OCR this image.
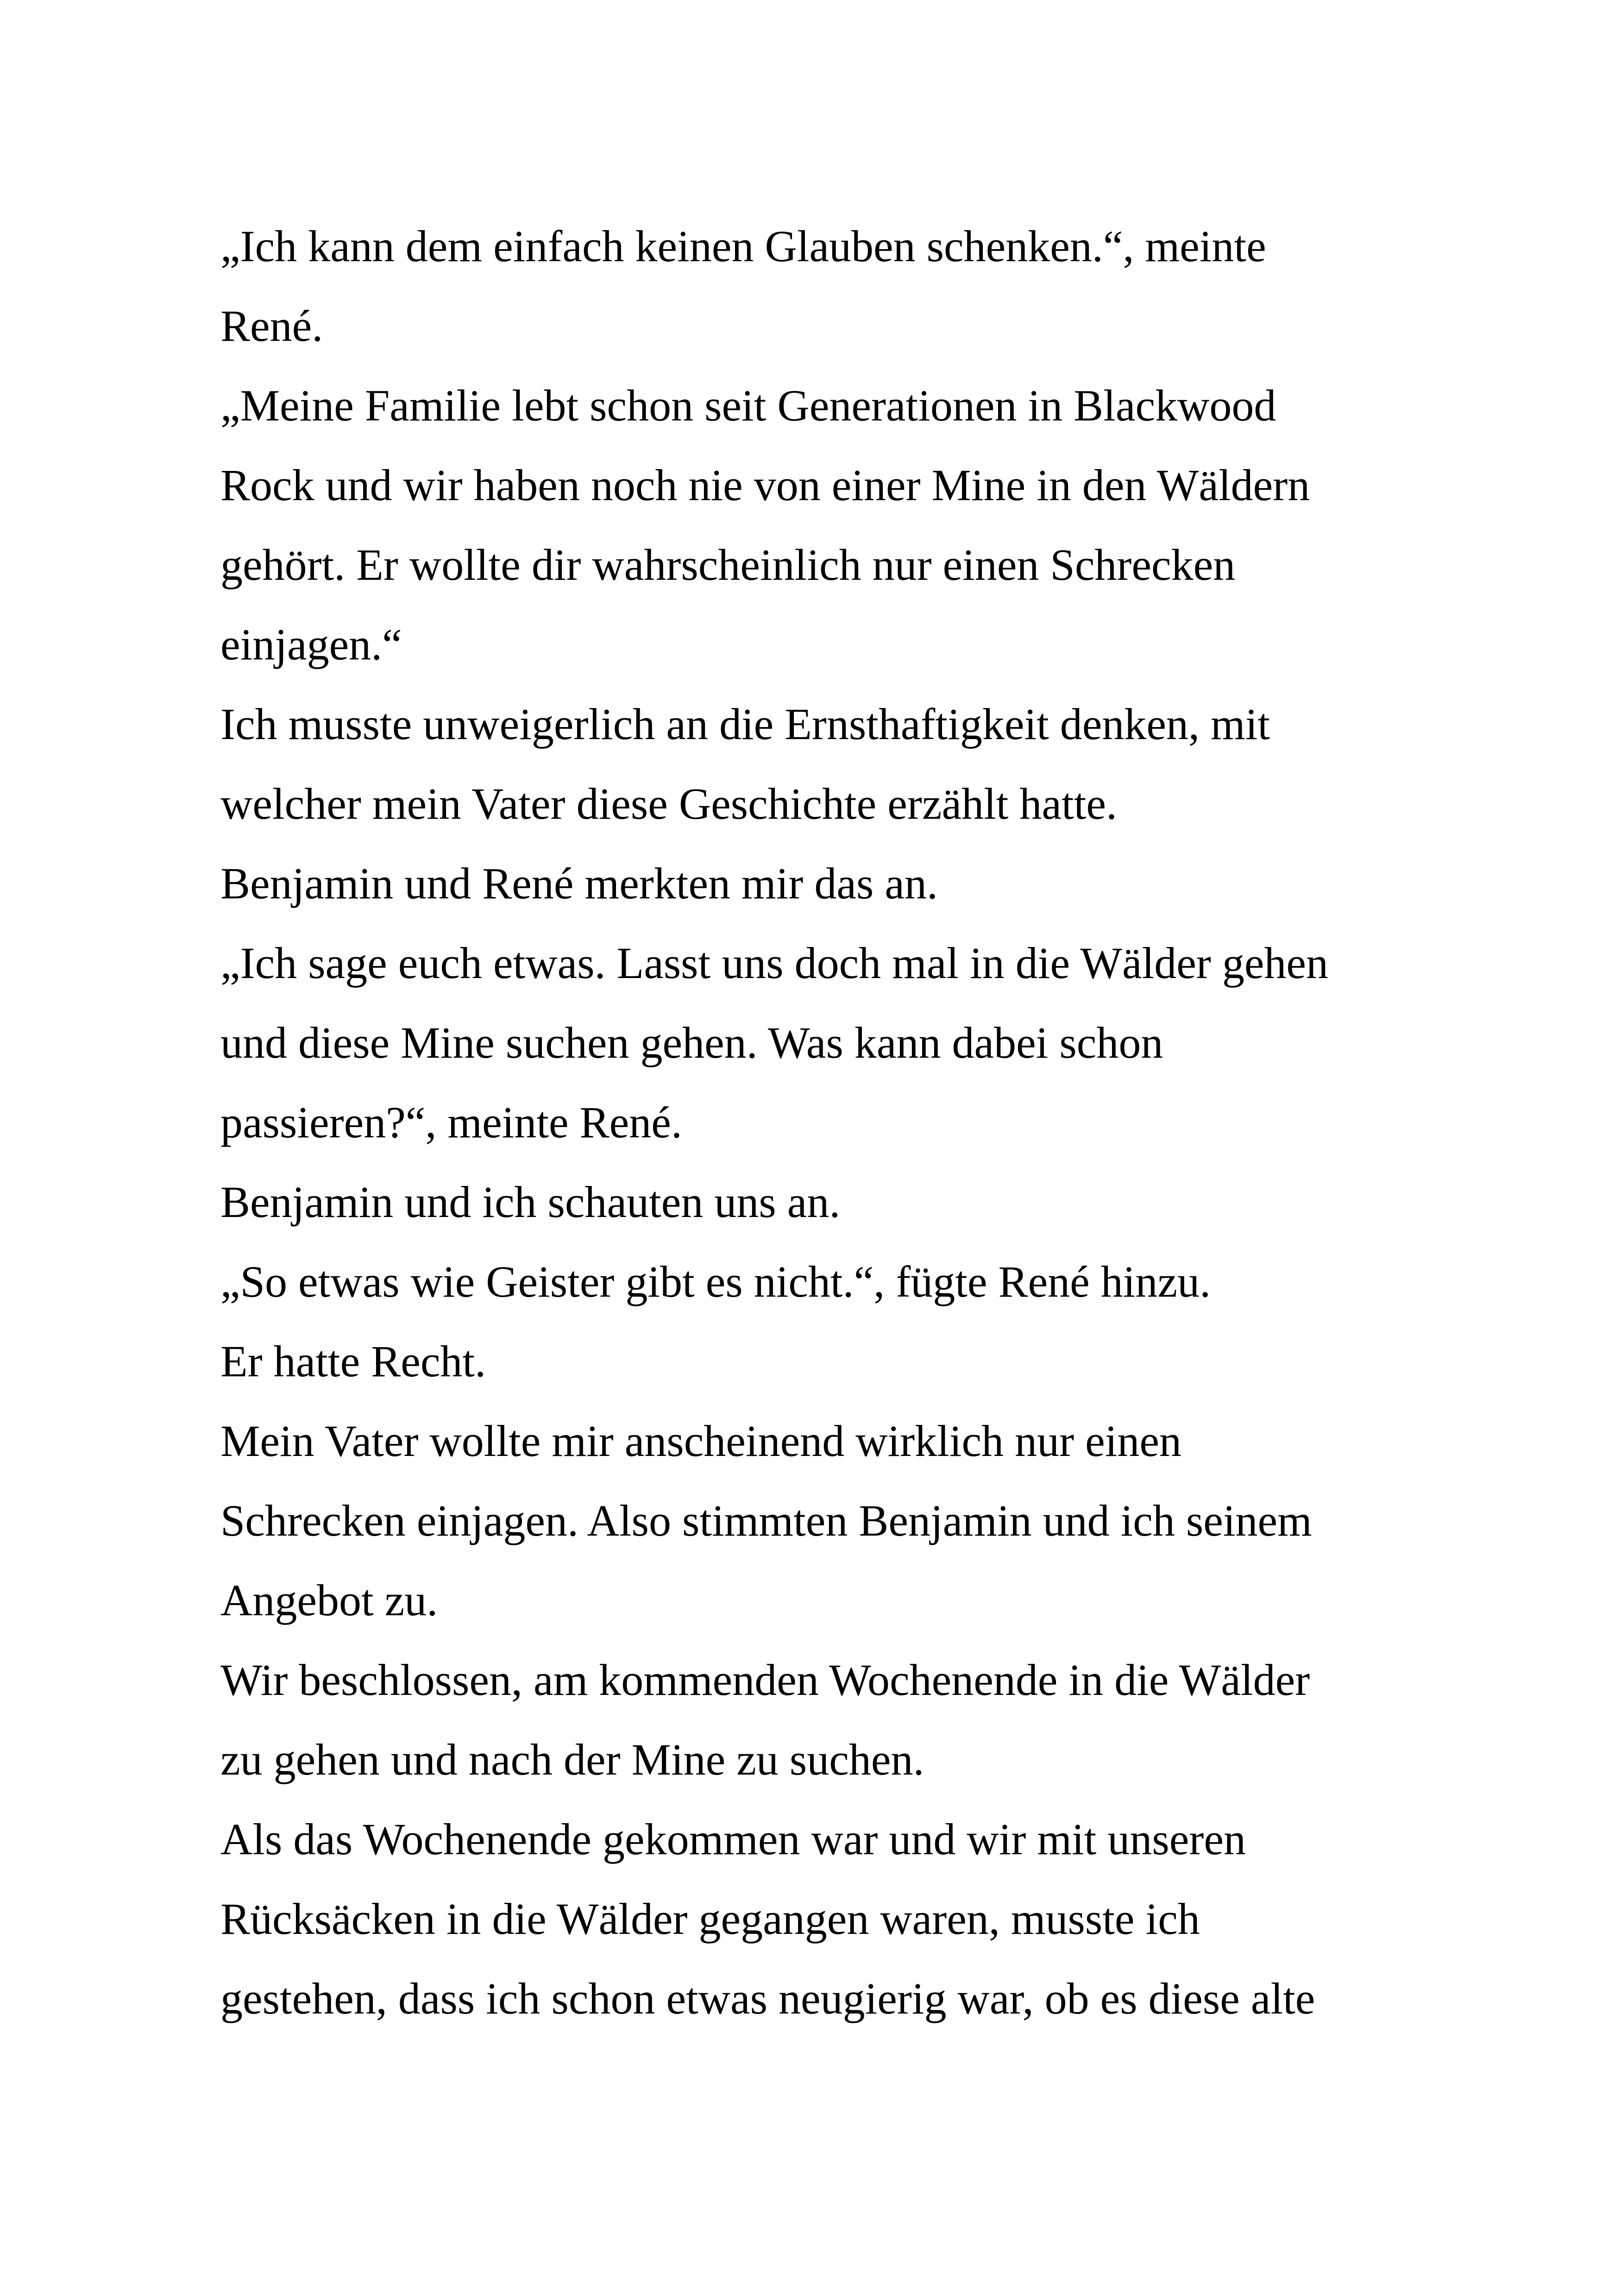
„Ich kann dem einfach keinen Glauben schenken.“, meinte
René.
„Meine Familie lebt schon seit Generationen in Blackwood
Rock und wir haben noch nie von einer Mine in den Wäldern
gehört. Er wollte dir wahrscheinlich nur einen Schrecken
einjagen.“
Ich musste unweigerlich an die Ernsthaftigkeit denken, mit
welcher mein Vater diese Geschichte erzählt hatte.
Benjamin und René merkten mir das an.
„Ich sage euch etwas. Lasst uns doch mal in die Wälder gehen
und diese Mine suchen gehen. Was kann dabei schon
passieren?“, meinte René.
Benjamin und ich schauten uns an.
„So etwas wie Geister gibt es nicht.“, fügte René hinzu.
Er hatte Recht.
Mein Vater wollte mir anscheinend wirklich nur einen
Schrecken einjagen. Also stimmten Benjamin und ich seinem
Angebot zu.
Wir beschlossen, am kommenden Wochenende in die Wälder
zu gehen und nach der Mine zu suchen.
Als das Wochenende gekommen war und wir mit unseren
Rücksäcken in die Wälder gegangen waren, musste ich
gestehen, dass ich schon etwas neugierig war, ob es diese alte
